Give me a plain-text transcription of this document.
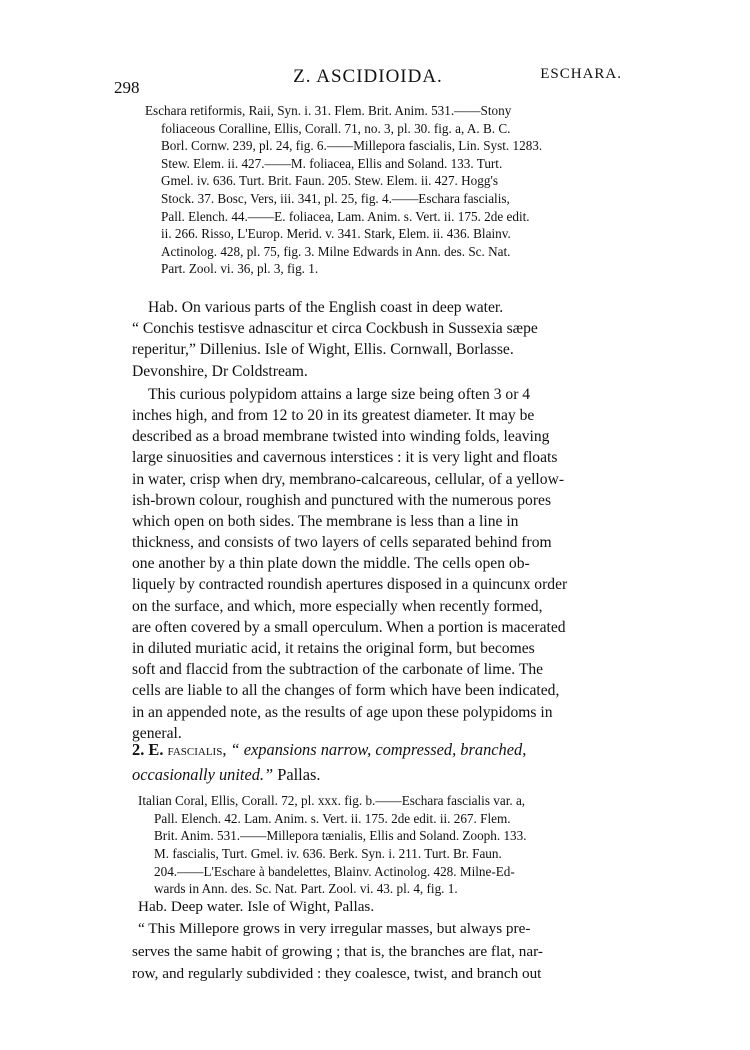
298
Z. ASCIDIOIDA.	ESCHARA.
Eschara retiformis, Raii, Syn. i. 31. Flem. Brit. Anim. 531.——Stony
foliaceous Coralline, Ellis, Corall. 71, no. 3, pl. 30. fig. a, A. B. C.
Borl. Cornw. 239, pl. 24, fig. 6.——Millepora fascialis, Lin. Syst. 1283.
Stew. Elem. ii. 427.——M. foliacea, Ellis and Soland. 133. Turt.
Gmel. iv. 636. Turt. Brit. Faun. 205. Stew. Elem. ii. 427. Hogg's
Stock. 37. Bosc, Vers, iii. 341, pl. 25, fig. 4.——Eschara fascialis,
Pall. Elench. 44.——E. foliacea, Lam. Anim. s. Vert. ii. 175. 2de edit.
ii. 266. Risso, L'Europ. Merid. v. 341. Stark, Elem. ii. 436. Blainv.
Actinolog. 428, pl. 75, fig. 3. Milne Edwards in Ann. des. Sc. Nat.
Part. Zool. vi. 36, pl. 3, fig. 1.
Hab. On various parts of the English coast in deep water.
“ Conchis testisve adnascitur et circa Cockbush in Sussexia sæpe
reperitur,” Dillenius. Isle of Wight, Ellis. Cornwall, Borlasse.
Devonshire, Dr Coldstream.
This curious polypidom attains a large size being often 3 or 4
inches high, and from 12 to 20 in its greatest diameter. It may be
described as a broad membrane twisted into winding folds, leaving
large sinuosities and cavernous interstices : it is very light and floats
in water, crisp when dry, membrano-calcareous, cellular, of a yellow-
ish-brown colour, roughish and punctured with the numerous pores
which open on both sides. The membrane is less than a line in
thickness, and consists of two layers of cells separated behind from
one another by a thin plate down the middle. The cells open ob-
liquely by contracted roundish apertures disposed in a quincunx order
on the surface, and which, more especially when recently formed,
are often covered by a small operculum. When a portion is macerated
in diluted muriatic acid, it retains the original form, but becomes
soft and flaccid from the subtraction of the carbonate of lime. The
cells are liable to all the changes of form which have been indicated,
in an appended note, as the results of age upon these polypidoms in
general.
2. E. fascialis, “ expansions narrow, compressed, branched,
occasionally united.” Pallas.
Italian Coral, Ellis, Corall. 72, pl. xxx. fig. b.——Eschara fascialis var. a,
Pall. Elench. 42. Lam. Anim. s. Vert. ii. 175. 2de edit. ii. 267. Flem.
Brit. Anim. 531.——Millepora tænialis, Ellis and Soland. Zooph. 133.
M. fascialis, Turt. Gmel. iv. 636. Berk. Syn. i. 211. Turt. Br. Faun.
204.——L'Eschare à bandelettes, Blainv. Actinolog. 428. Milne-Ed-
wards in Ann. des. Sc. Nat. Part. Zool. vi. 43. pl. 4, fig. 1.
Hab. Deep water. Isle of Wight, Pallas.
“ This Millepore grows in very irregular masses, but always pre-
serves the same habit of growing ; that is, the branches are flat, nar-
row, and regularly subdivided : they coalesce, twist, and branch out
